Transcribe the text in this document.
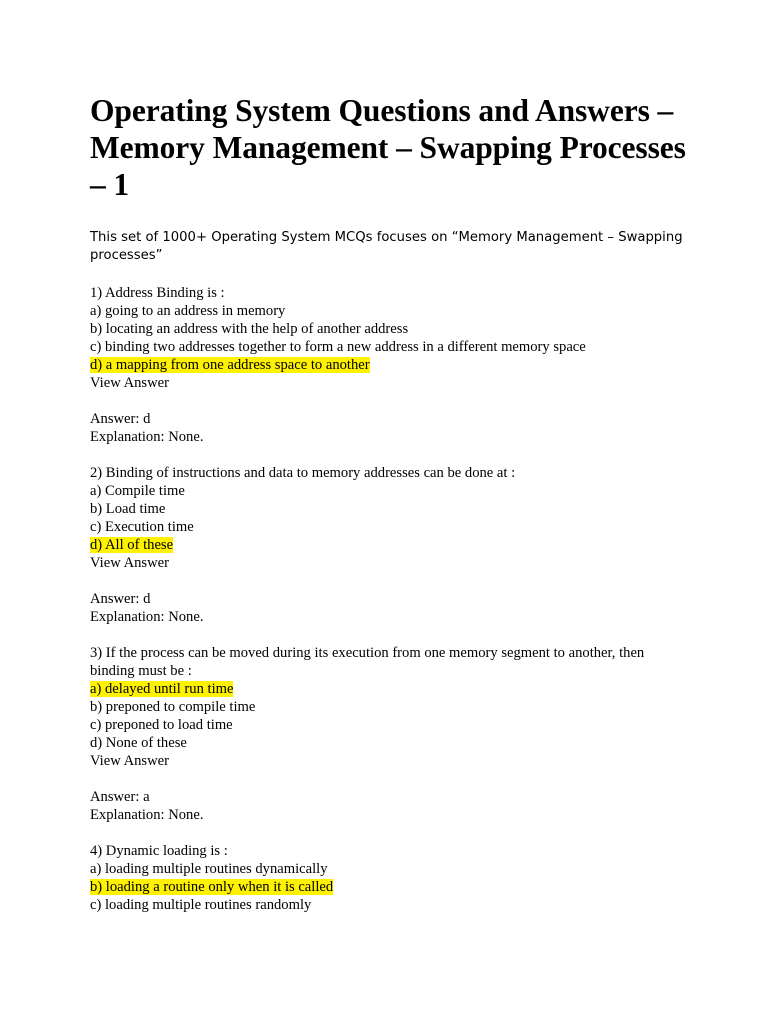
Operating System Questions and Answers – Memory Management – Swapping Processes – 1

This set of 1000+ Operating System MCQs focuses on “Memory Management – Swapping processes”

1) Address Binding is :
a) going to an address in memory
b) locating an address with the help of another address
c) binding two addresses together to form a new address in a different memory space
d) a mapping from one address space to another
View Answer
Answer: d
Explanation: None.
2) Binding of instructions and data to memory addresses can be done at :
a) Compile time
b) Load time
c) Execution time
d) All of these
View Answer
Answer: d
Explanation: None.
3) If the process can be moved during its execution from one memory segment to another, then binding must be :
a) delayed until run time
b) preponed to compile time
c) preponed to load time
d) None of these
View Answer
Answer: a
Explanation: None.
4) Dynamic loading is :
a) loading multiple routines dynamically
b) loading a routine only when it is called
c) loading multiple routines randomly
